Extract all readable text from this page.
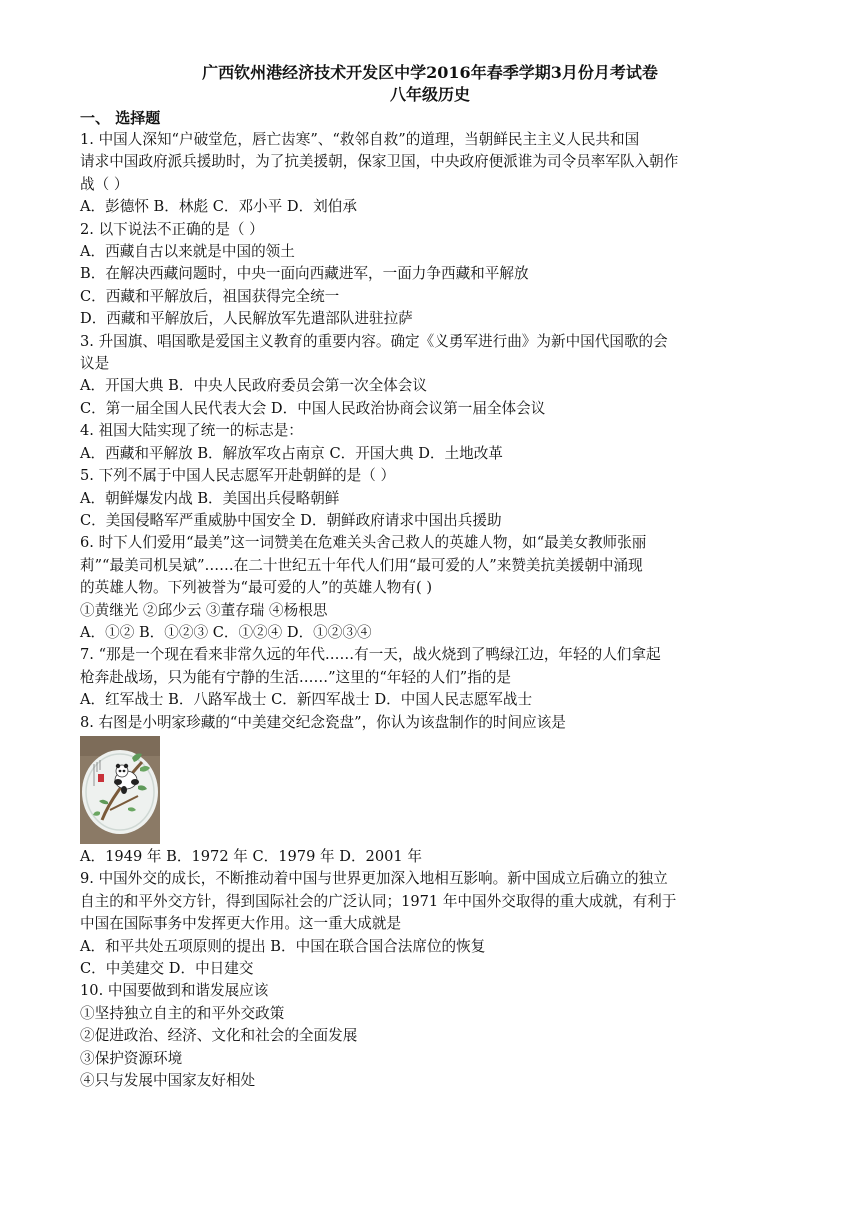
广西钦州港经济技术开发区中学2016年春季学期3月份月考试卷

八年级历史

一、 选择题

1. 中国人深知“户破堂危，唇亡齿寒”、“救邻自救”的道理，当朝鲜民主主义人民共和国

请求中国政府派兵援助时，为了抗美援朝，保家卫国，中央政府便派谁为司令员率军队入朝作

战（ ）

A．彭德怀 B．林彪 C．邓小平 D．刘伯承

2. 以下说法不正确的是（ ）

A．西藏自古以来就是中国的领土

B．在解决西藏问题时，中央一面向西藏进军，一面力争西藏和平解放

C．西藏和平解放后，祖国获得完全统一

D．西藏和平解放后，人民解放军先遣部队进驻拉萨

3. 升国旗、唱国歌是爱国主义教育的重要内容。确定《义勇军进行曲》为新中国代国歌的会

议是

A．开国大典 B．中央人民政府委员会第一次全体会议

C．第一届全国人民代表大会 D．中国人民政治协商会议第一届全体会议

4. 祖国大陆实现了统一的标志是：

A．西藏和平解放 B．解放军攻占南京 C．开国大典 D．土地改革

5. 下列不属于中国人民志愿军开赴朝鲜的是（ ）

A．朝鲜爆发内战 B．美国出兵侵略朝鲜

C．美国侵略军严重威胁中国安全 D．朝鲜政府请求中国出兵援助

6. 时下人们爱用“最美”这一词赞美在危难关头舍己救人的英雄人物，如“最美女教师张丽

莉”“最美司机吴斌”……在二十世纪五十年代人们用“最可爱的人”来赞美抗美援朝中涌现

的英雄人物。下列被誉为“最可爱的人”的英雄人物有( )

①黄继光 ②邱少云 ③董存瑞 ④杨根思

A．①② B．①②③ C．①②④ D．①②③④

7. “那是一个现在看来非常久远的年代……有一天，战火烧到了鸭绿江边，年轻的人们拿起

枪奔赴战场，只为能有宁静的生活……”这里的“年轻的人们”指的是

A．红军战士 B．八路军战士 C．新四军战士 D．中国人民志愿军战士

8. 右图是小明家珍藏的“中美建交纪念瓷盘”，你认为该盘制作的时间应该是

A．1949 年 B．1972 年 C．1979 年 D．2001 年

9. 中国外交的成长，不断推动着中国与世界更加深入地相互影响。新中国成立后确立的独立

自主的和平外交方针，得到国际社会的广泛认同；1971 年中国外交取得的重大成就，有利于

中国在国际事务中发挥更大作用。这一重大成就是

A．和平共处五项原则的提出 B．中国在联合国合法席位的恢复

C．中美建交 D．中日建交

10. 中国要做到和谐发展应该

①坚持独立自主的和平外交政策

②促进政治、经济、文化和社会的全面发展

③保护资源环境

④只与发展中国家友好相处
